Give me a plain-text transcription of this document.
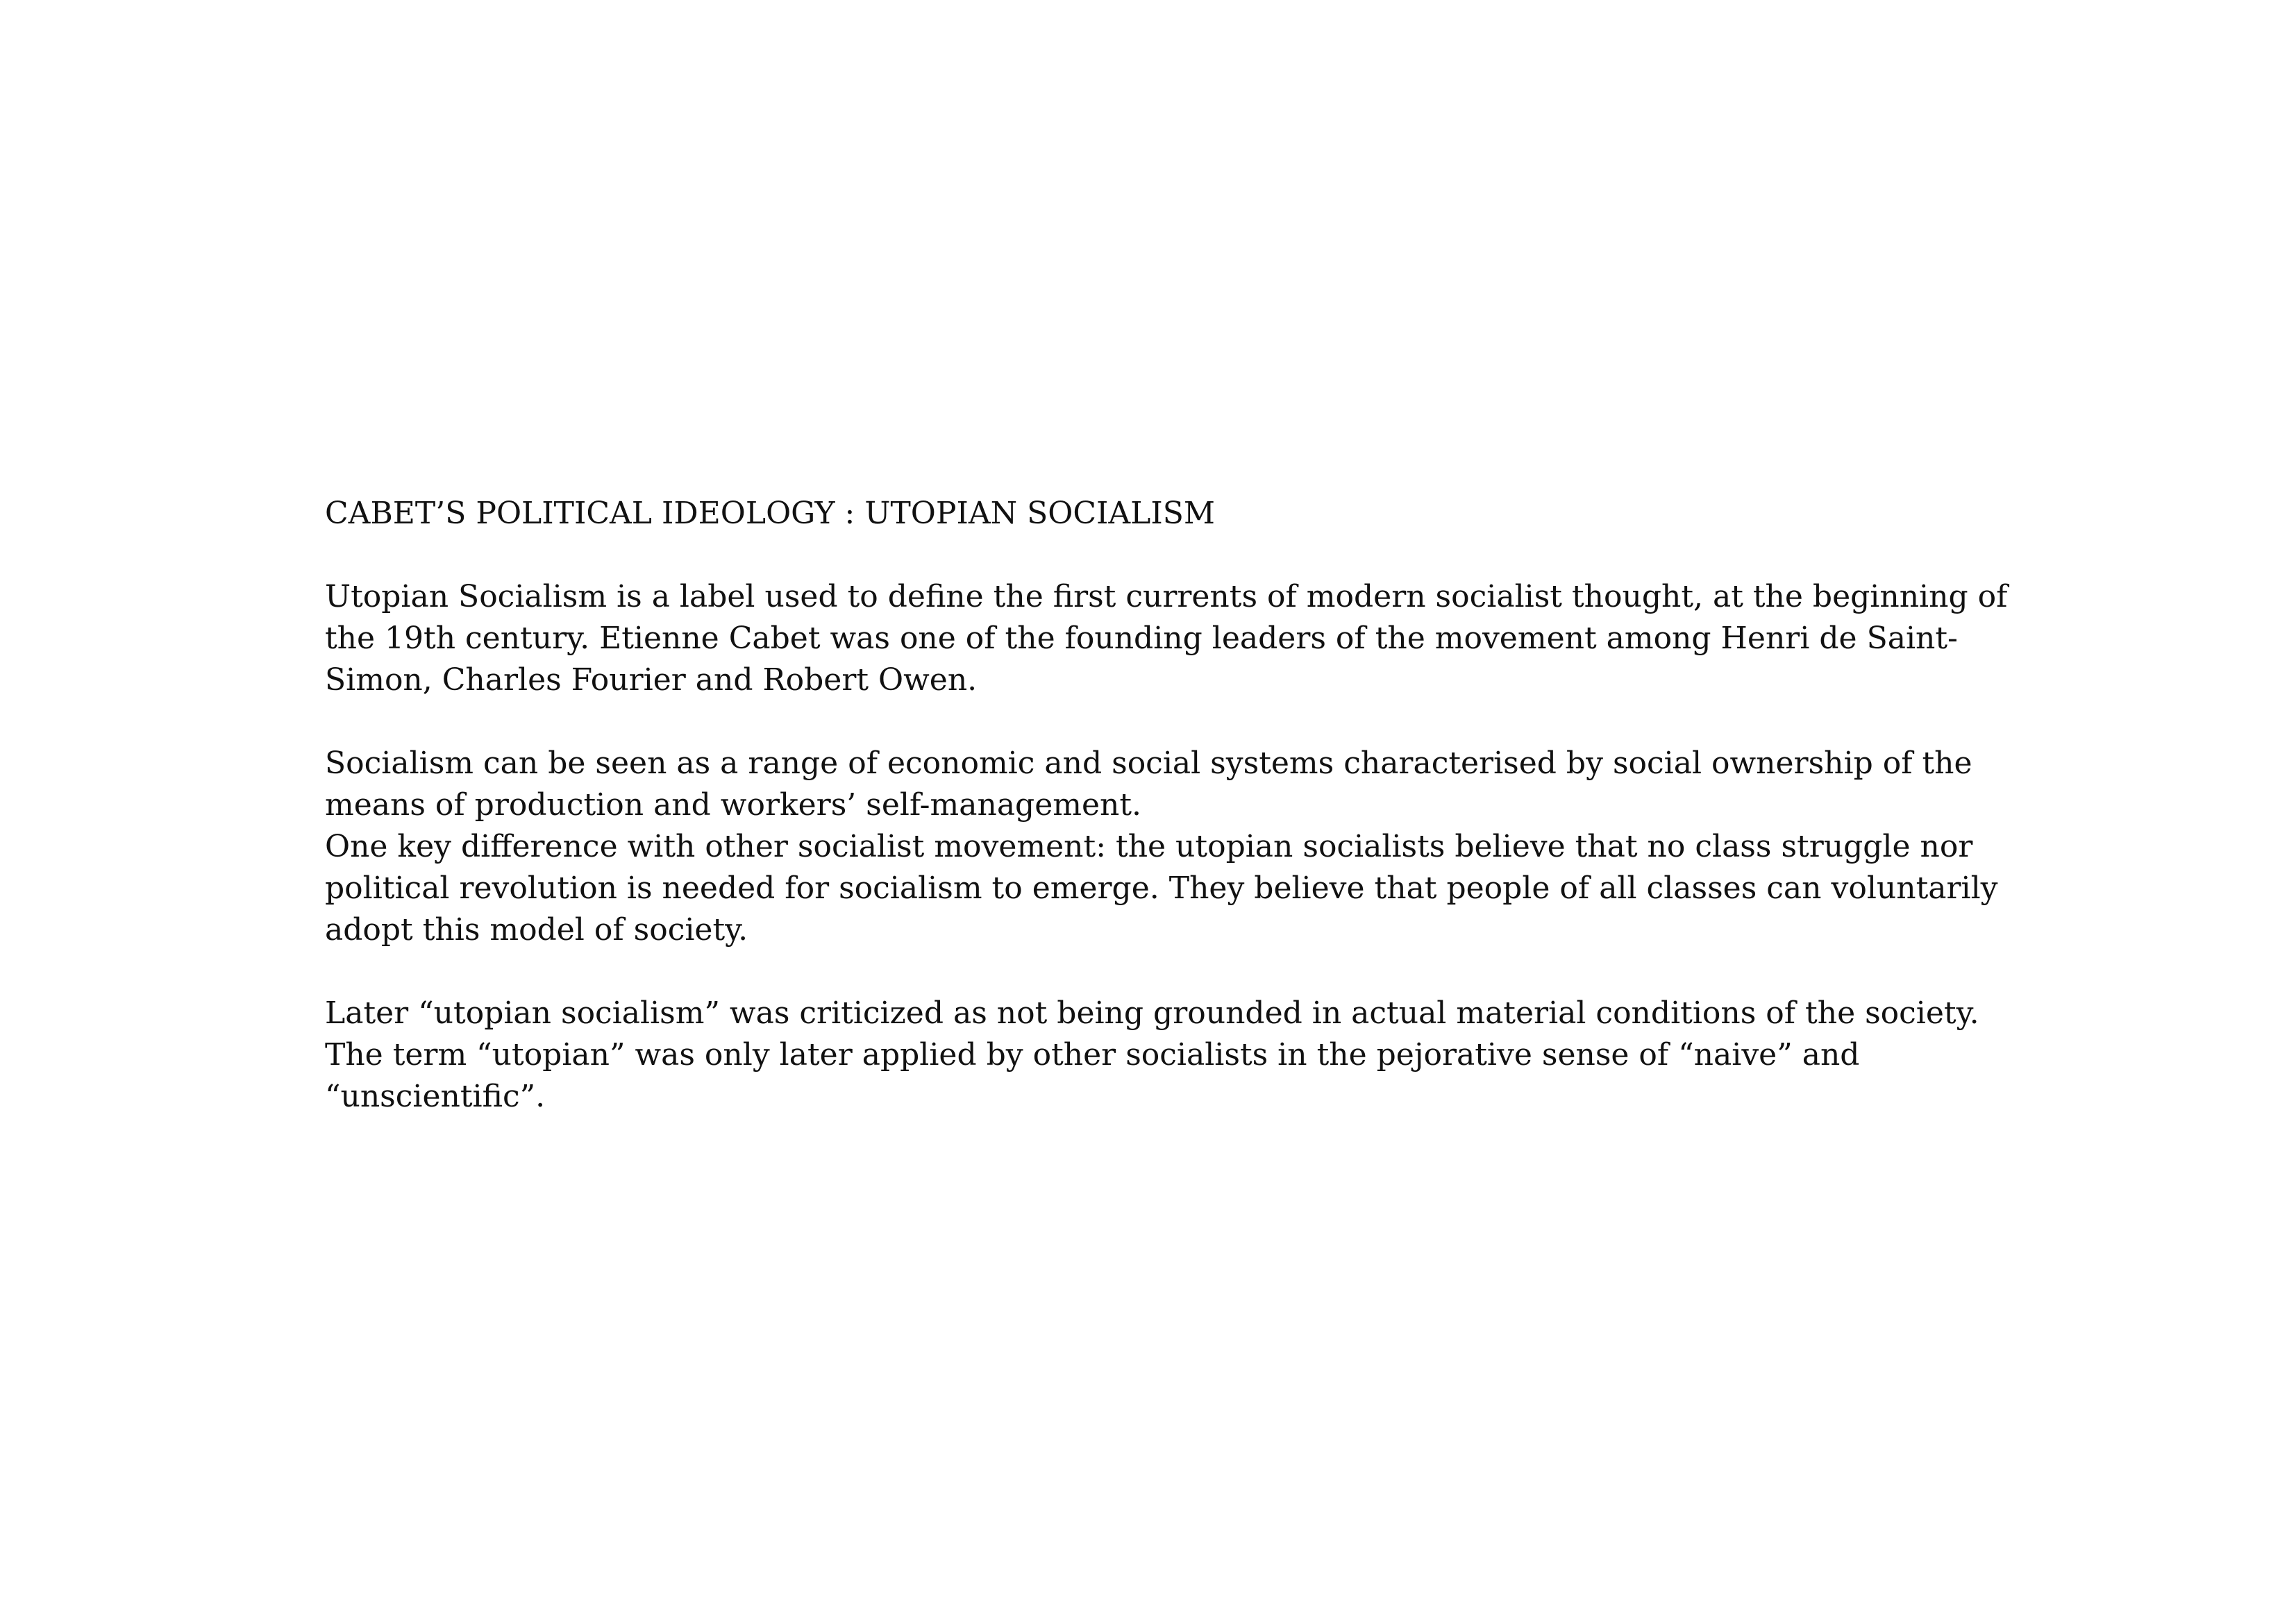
CABET’S POLITICAL IDEOLOGY : UTOPIAN SOCIALISM

Utopian Socialism is a label used to define the first currents of modern socialist thought, at the beginning of the 19th century. Etienne Cabet was one of the founding leaders of the movement among Henri de Saint-Simon, Charles Fourier and Robert Owen.

Socialism can be seen as a range of economic and social systems characterised by social ownership of the means of production and workers’ self-management.

One key difference with other socialist movement: the utopian socialists believe that no class struggle nor political revolution is needed for socialism to emerge. They believe that people of all classes can voluntarily adopt this model of society.

Later “utopian socialism” was criticized as not being grounded in actual material conditions of the society. The term “utopian” was only later applied by other socialists in the pejorative sense of “naive” and “unscientific”.
